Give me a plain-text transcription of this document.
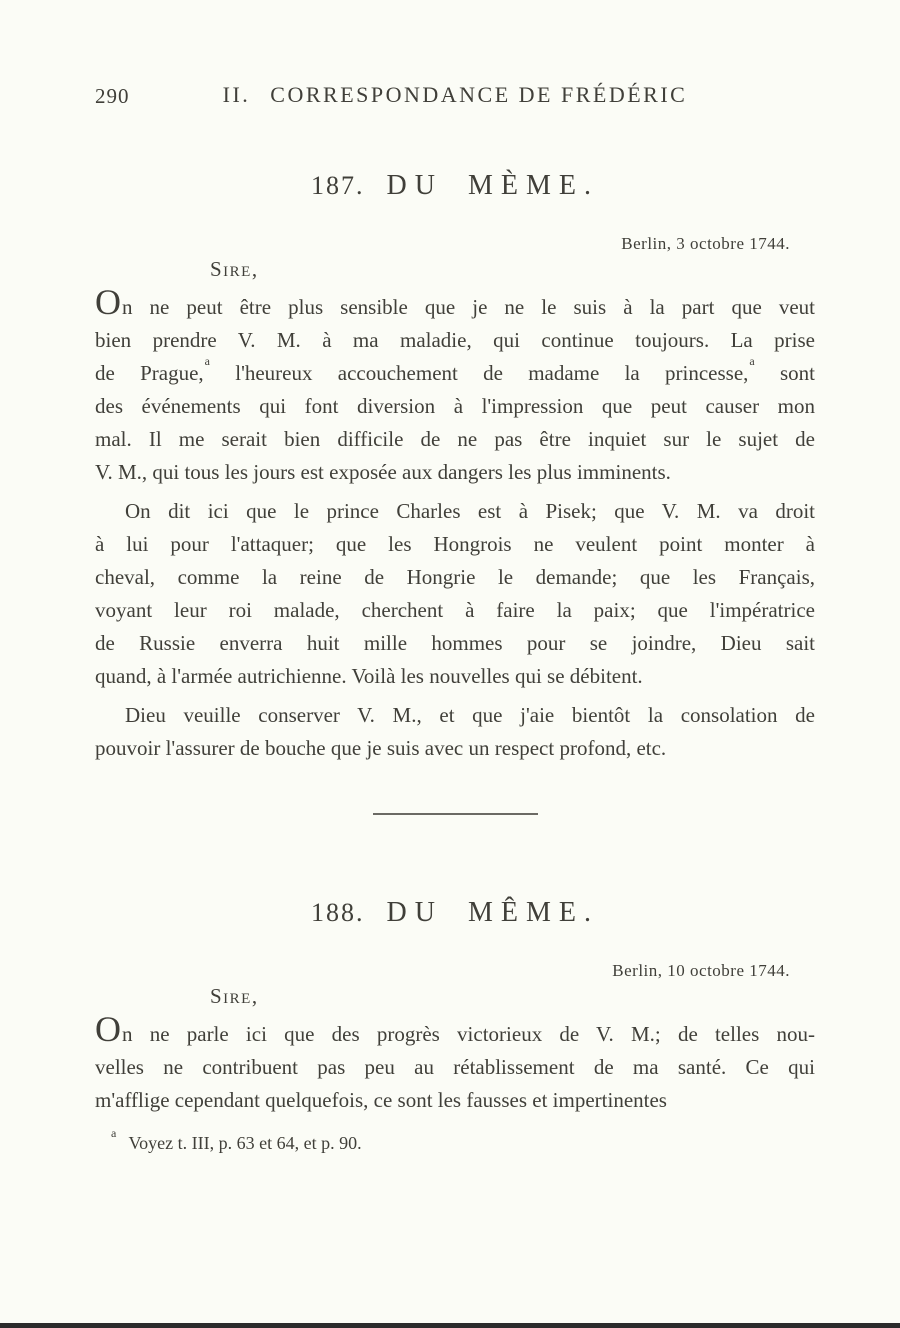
290	II. CORRESPONDANCE DE FRÉDÉRIC
187. DU MÈME.
Berlin, 3 octobre 1744.
Sire,
On ne peut être plus sensible que je ne le suis à la part que veut
bien prendre V. M. à ma maladie, qui continue toujours. La prise
de Prague,$^a$ l'heureux accouchement de madame la princesse,$^a$ sont
des événements qui font diversion à l'impression que peut causer mon
mal. Il me serait bien difficile de ne pas être inquiet sur le sujet de
V. M., qui tous les jours est exposée aux dangers les plus imminents.
On dit ici que le prince Charles est à Pisek; que V. M. va droit
à lui pour l'attaquer; que les Hongrois ne veulent point monter à
cheval, comme la reine de Hongrie le demande; que les Français,
voyant leur roi malade, cherchent à faire la paix; que l'impératrice
de Russie enverra huit mille hommes pour se joindre, Dieu sait
quand, à l'armée autrichienne. Voilà les nouvelles qui se débitent.
Dieu veuille conserver V. M., et que j'aie bientôt la consolation de
pouvoir l'assurer de bouche que je suis avec un respect profond, etc.
188. DU MÊME.
Berlin, 10 octobre 1744.
Sire,
On ne parle ici que des progrès victorieux de V. M.; de telles nou-
velles ne contribuent pas peu au rétablissement de ma santé. Ce qui
m'afflige cependant quelquefois, ce sont les fausses et impertinentes
$^a$ Voyez t. III, p. 63 et 64, et p. 90.
